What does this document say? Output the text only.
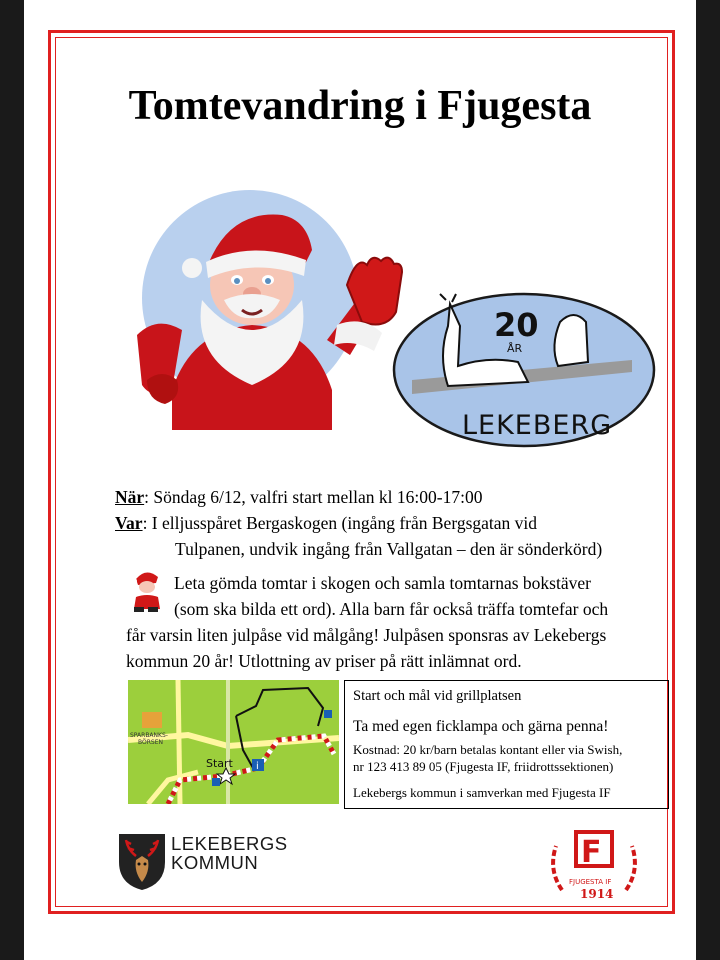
Tomtevandring i Fjugesta
20
ÅR
LEKEBERG
När: Söndag 6/12, valfri start mellan kl 16:00-17:00
Var: I elljusspåret Bergaskogen (ingång från Bergsgatan vid
Tulpanen, undvik ingång från Vallgatan – den är sönderkörd)
Leta gömda tomtar i skogen och samla tomtarnas bokstäver
(som ska bilda ett ord). Alla barn får också träffa tomtefar och
får varsin liten julpåse vid målgång! Julpåsen sponsras av Lekebergs
kommun 20 år! Utlottning av priser på rätt inlämnat ord.
SPARBANKS-
BÖRSEN
Start i
Start och mål vid grillplatsen
Ta med egen ficklampa och gärna penna!
Kostnad: 20 kr/barn betalas kontant eller via Swish,
nr 123 413 89 05 (Fjugesta IF, friidrottssektionen)
Lekebergs kommun i samverkan med Fjugesta IF
LEKEBERGS
KOMMUN	F
FJUGESTA IF
1914
